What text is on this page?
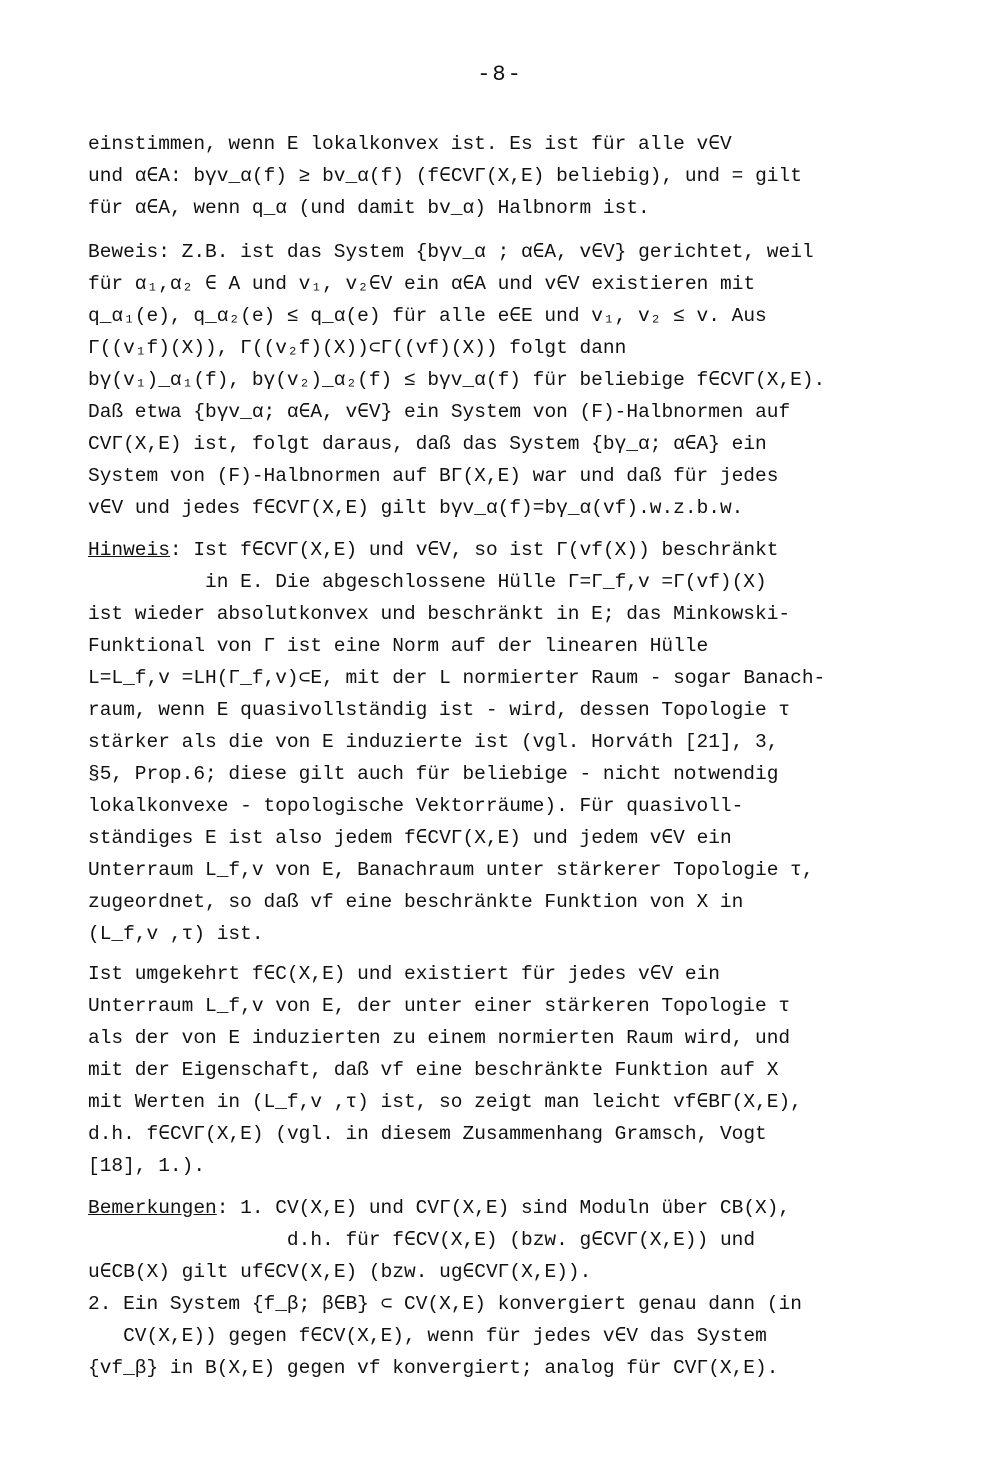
-8-
einstimmen, wenn E lokalkonvex ist. Es ist für alle v∈V
und α∈A: bγv_α(f) ≥ bv_α(f) (f∈CVΓ(X,E) beliebig), und = gilt
für α∈A, wenn q_α (und damit bv_α) Halbnorm ist.
Beweis: Z.B. ist das System {bγv_α ; α∈A, v∈V} gerichtet, weil
für α₁,α₂ ∈ A und v₁, v₂∈V ein α∈A und v∈V existieren mit
q_α₁(e), q_α₂(e) ≤ q_α(e) für alle e∈E und v₁, v₂ ≤ v. Aus
Γ((v₁f)(X)), Γ((v₂f)(X))⊂Γ((vf)(X)) folgt dann
bγ(v₁)_α₁(f), bγ(v₂)_α₂(f) ≤ bγv_α(f) für beliebige f∈CVΓ(X,E).
Daß etwa {bγv_α; α∈A, v∈V} ein System von (F)-Halbnormen auf
CVΓ(X,E) ist, folgt daraus, daß das System {bγ_α; α∈A} ein
System von (F)-Halbnormen auf BΓ(X,E) war und daß für jedes
v∈V und jedes f∈CVΓ(X,E) gilt bγv_α(f)=bγ_α(vf).w.z.b.w.
Hinweis: Ist f∈CVΓ(X,E) und v∈V, so ist Γ(vf(X)) beschränkt
in E. Die abgeschlossene Hülle Γ=Γ_f,v =Γ(vf)(X)
ist wieder absolutkonvex und beschränkt in E; das Minkowski-
Funktional von Γ ist eine Norm auf der linearen Hülle
L=L_f,v =LH(Γ_f,v)⊂E, mit der L normierter Raum - sogar Banach-
raum, wenn E quasivollständig ist - wird, dessen Topologie τ
stärker als die von E induzierte ist (vgl. Horváth [21], 3,
§5, Prop.6; diese gilt auch für beliebige - nicht notwendig
lokalkonvexe - topologische Vektorräume). Für quasivoll-
ständiges E ist also jedem f∈CVΓ(X,E) und jedem v∈V ein
Unterraum L_f,v von E, Banachraum unter stärkerer Topologie τ,
zugeordnet, so daß vf eine beschränkte Funktion von X in
(L_f,v ,τ) ist.
Ist umgekehrt f∈C(X,E) und existiert für jedes v∈V ein
Unterraum L_f,v von E, der unter einer stärkeren Topologie τ
als der von E induzierten zu einem normierten Raum wird, und
mit der Eigenschaft, daß vf eine beschränkte Funktion auf X
mit Werten in (L_f,v ,τ) ist, so zeigt man leicht vf∈BΓ(X,E),
d.h. f∈CVΓ(X,E) (vgl. in diesem Zusammenhang Gramsch, Vogt
[18], 1.).
Bemerkungen: 1. CV(X,E) und CVΓ(X,E) sind Moduln über CB(X),
d.h. für f∈CV(X,E) (bzw. g∈CVΓ(X,E)) und
u∈CB(X) gilt uf∈CV(X,E) (bzw. ug∈CVΓ(X,E)).
2. Ein System {f_β; β∈B} ⊂ CV(X,E) konvergiert genau dann (in
CV(X,E)) gegen f∈CV(X,E), wenn für jedes v∈V das System
{vf_β} in B(X,E) gegen vf konvergiert; analog für CVΓ(X,E).
